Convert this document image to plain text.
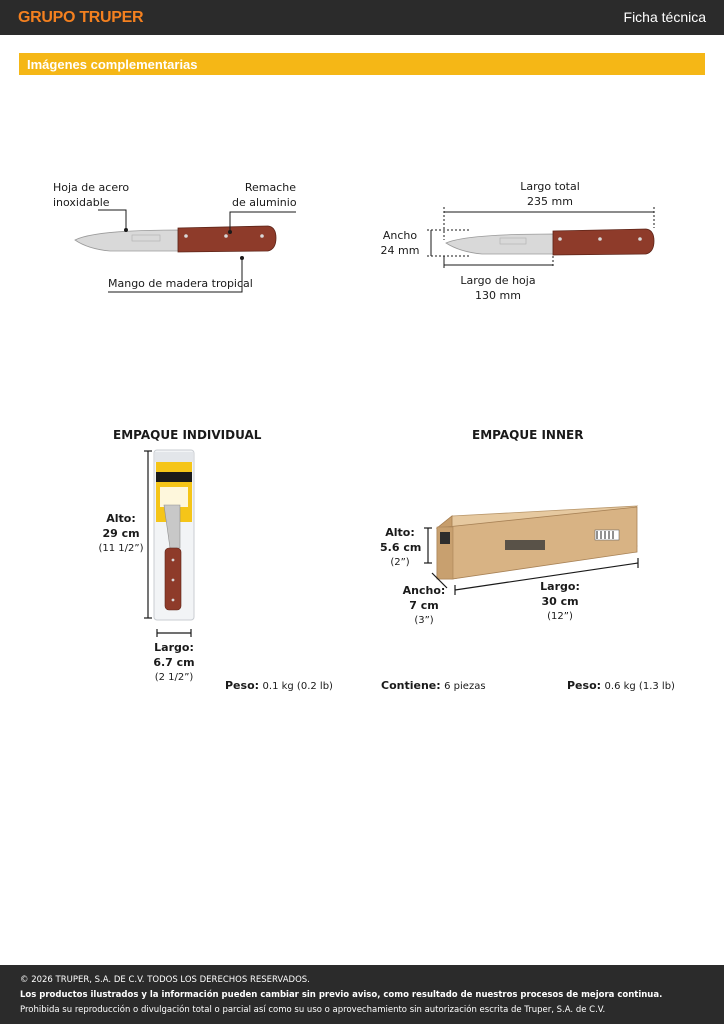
GRUPO TRUPER	Ficha técnica
Imágenes complementarias
Hoja de acero
inoxidable
Remache
de aluminio
Mango de madera tropical
Largo total
235 mm
Ancho
24 mm
Largo de hoja
130 mm
EMPAQUE INDIVIDUAL
Alto:
29 cm
(11 1/2”)
Largo:
6.7 cm
(2 1/2”)
Peso: 0.1 kg (0.2 lb)
EMPAQUE INNER
Alto:
5.6 cm
(2”)
Ancho:
7 cm
(3”)
Largo:
30 cm
(12”)
Contiene: 6 piezas	Peso: 0.6 kg (1.3 lb)
© 2026 TRUPER, S.A. DE C.V. TODOS LOS DERECHOS RESERVADOS.
Los productos ilustrados y la información pueden cambiar sin previo aviso, como resultado de nuestros procesos de mejora continua.
Prohibida su reproducción o divulgación total o parcial así como su uso o aprovechamiento sin autorización escrita de Truper, S.A. de C.V.
